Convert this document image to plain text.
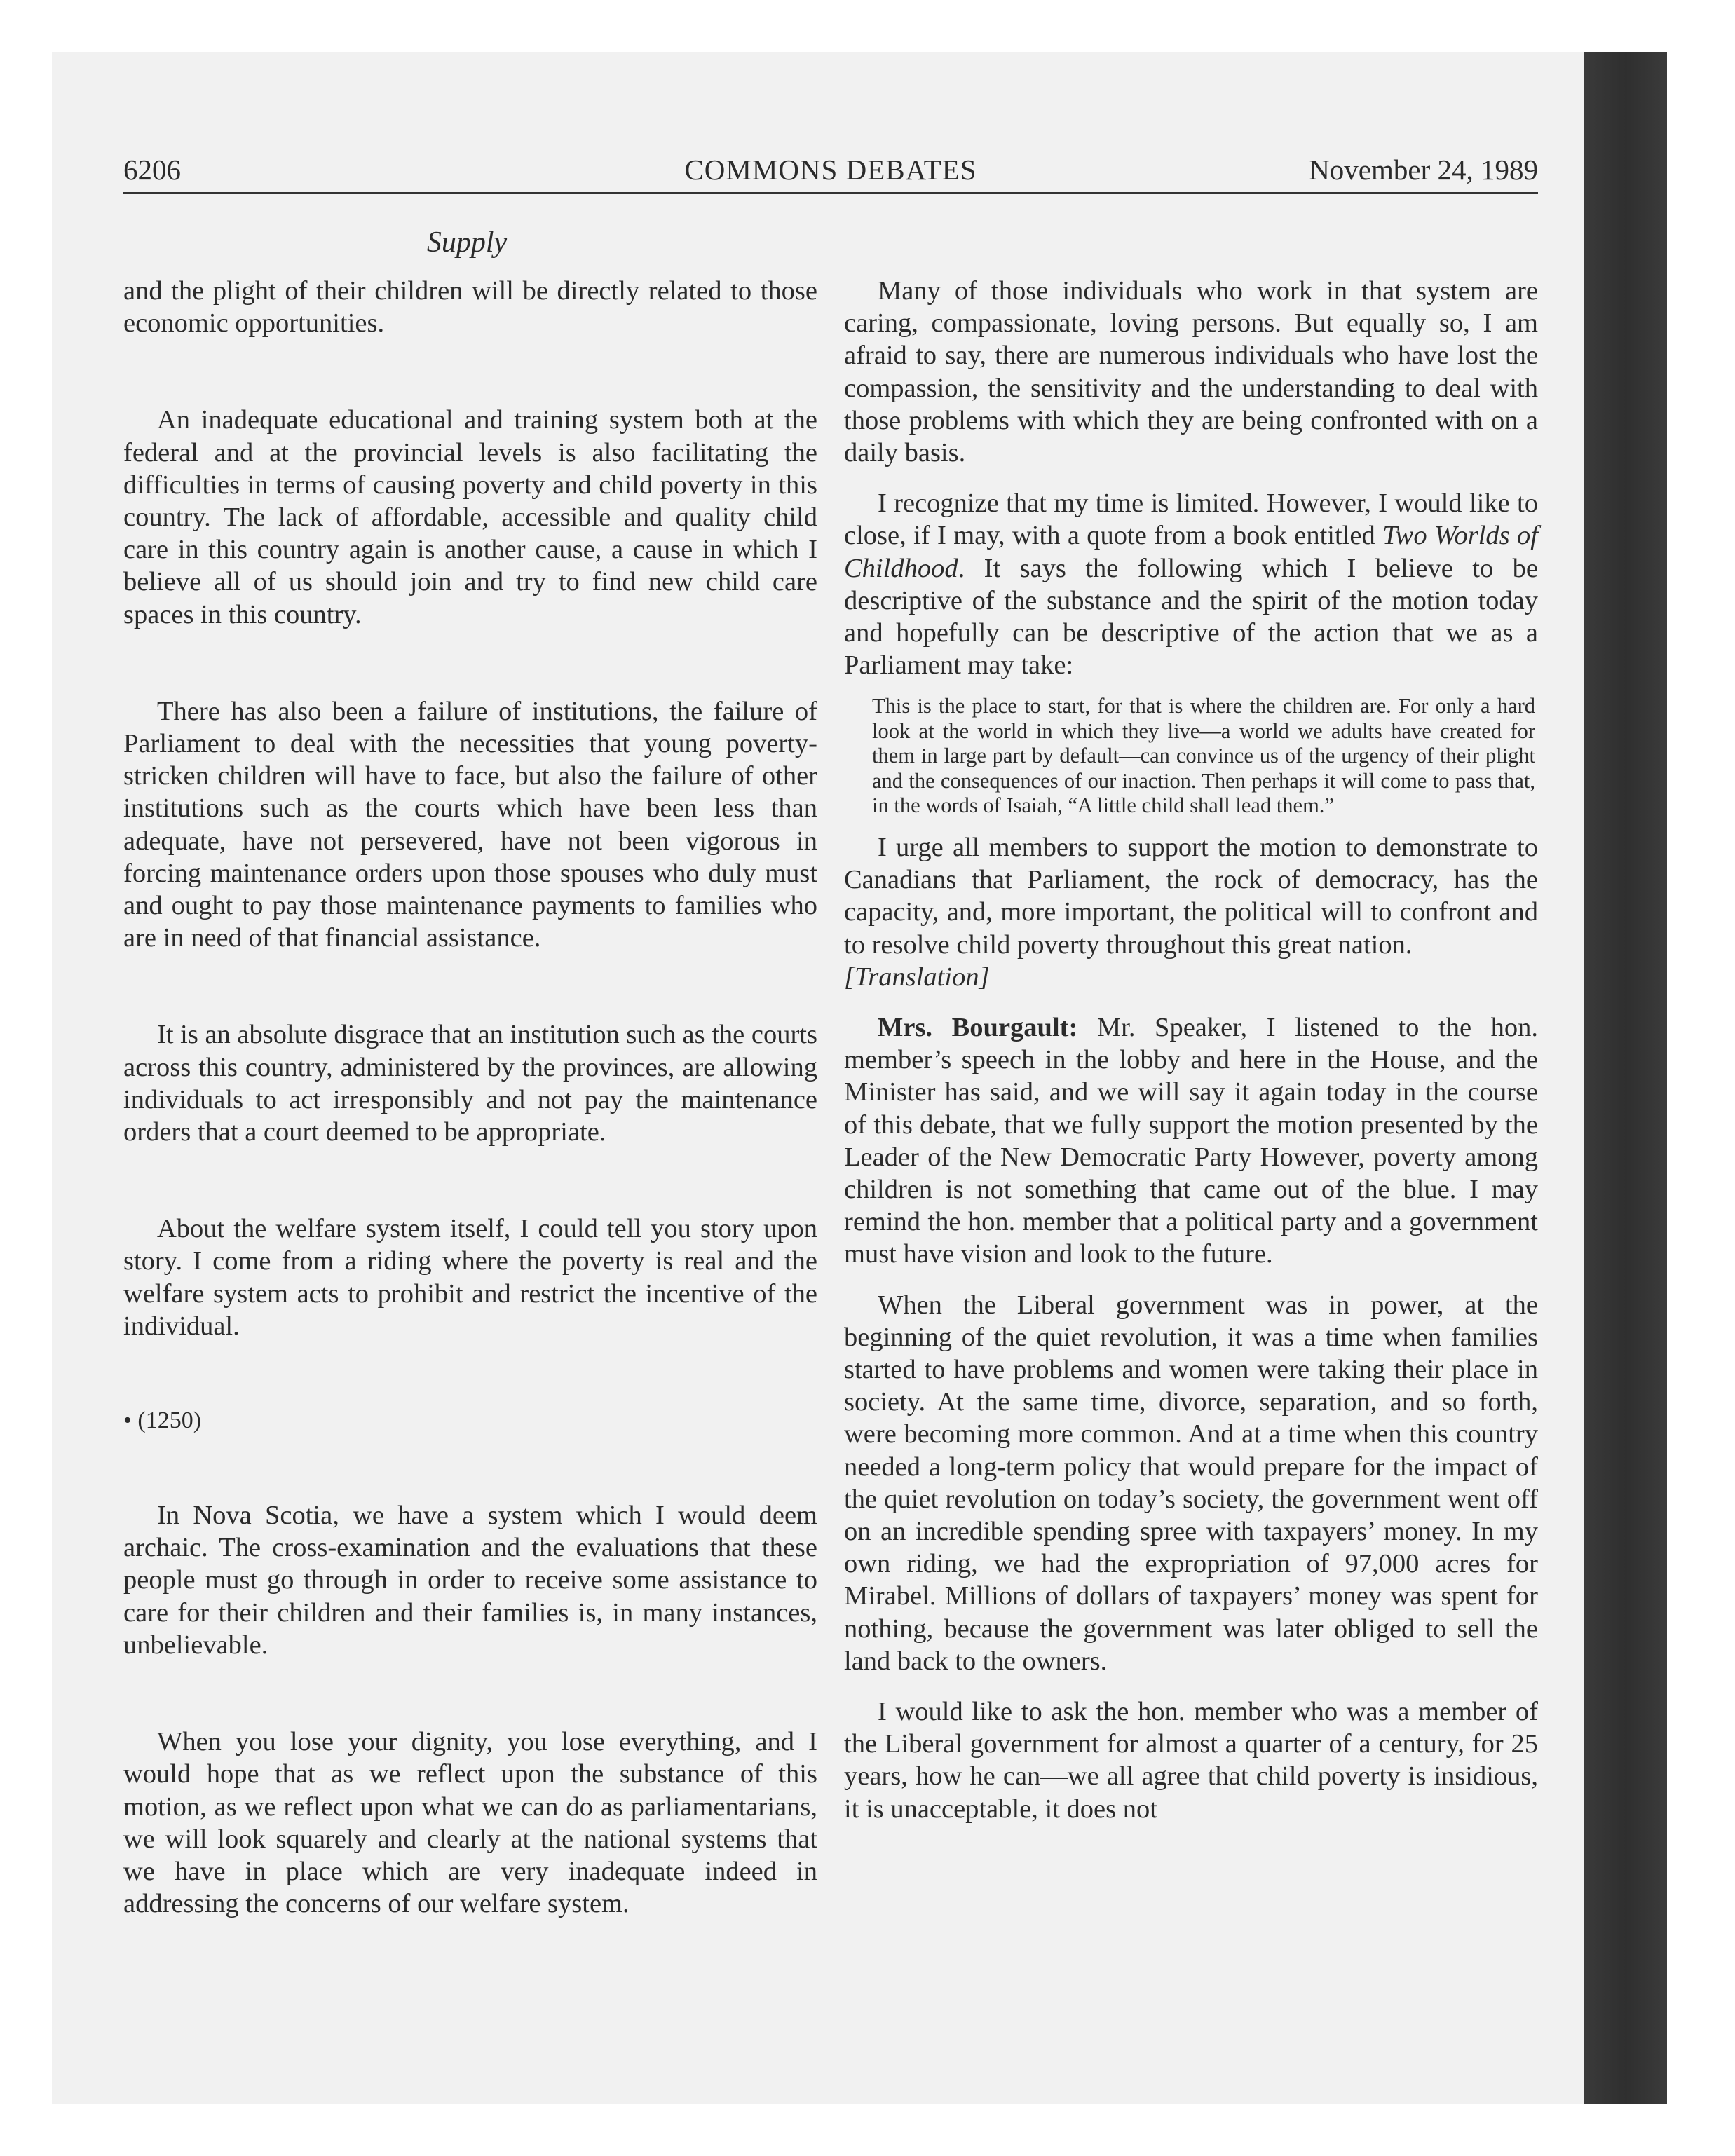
6206	COMMONS DEBATES	November 24, 1989
Supply

and the plight of their children will be directly related to those economic opportunities.

An inadequate educational and training system both at the federal and at the provincial levels is also facilitating the difficulties in terms of causing poverty and child poverty in this country. The lack of affordable, accessible and quality child care in this country again is another cause, a cause in which I believe all of us should join and try to find new child care spaces in this country.

There has also been a failure of institutions, the failure of Parliament to deal with the necessities that young poverty-stricken children will have to face, but also the failure of other institutions such as the courts which have been less than adequate, have not persevered, have not been vigorous in forcing maintenance orders upon those spouses who duly must and ought to pay those maintenance payments to families who are in need of that financial assistance.

It is an absolute disgrace that an institution such as the courts across this country, administered by the provinces, are allowing individuals to act irresponsibly and not pay the maintenance orders that a court deemed to be appropriate.

About the welfare system itself, I could tell you story upon story. I come from a riding where the poverty is real and the welfare system acts to prohibit and restrict the incentive of the individual.

• (1250)

In Nova Scotia, we have a system which I would deem archaic. The cross-examination and the evaluations that these people must go through in order to receive some assistance to care for their children and their families is, in many instances, unbelievable.

When you lose your dignity, you lose everything, and I would hope that as we reflect upon the substance of this motion, as we reflect upon what we can do as parliamentarians, we will look squarely and clearly at the national systems that we have in place which are very inadequate indeed in addressing the concerns of our welfare system.

Many of those individuals who work in that system are caring, compassionate, loving persons. But equally so, I am afraid to say, there are numerous individuals who have lost the compassion, the sensitivity and the understanding to deal with those problems with which they are being confronted with on a daily basis.

I recognize that my time is limited. However, I would like to close, if I may, with a quote from a book entitled Two Worlds of Childhood. It says the following which I believe to be descriptive of the substance and the spirit of the motion today and hopefully can be descriptive of the action that we as a Parliament may take:

This is the place to start, for that is where the children are. For only a hard look at the world in which they live—a world we adults have created for them in large part by default—can convince us of the urgency of their plight and the consequences of our inaction. Then perhaps it will come to pass that, in the words of Isaiah, “A little child shall lead them.”

I urge all members to support the motion to demonstrate to Canadians that Parliament, the rock of democracy, has the capacity, and, more important, the political will to confront and to resolve child poverty throughout this great nation.

[Translation]

Mrs. Bourgault: Mr. Speaker, I listened to the hon. member’s speech in the lobby and here in the House, and the Minister has said, and we will say it again today in the course of this debate, that we fully support the motion presented by the Leader of the New Democratic Party However, poverty among children is not something that came out of the blue. I may remind the hon. member that a political party and a government must have vision and look to the future.

When the Liberal government was in power, at the beginning of the quiet revolution, it was a time when families started to have problems and women were taking their place in society. At the same time, divorce, separation, and so forth, were becoming more common. And at a time when this country needed a long-term policy that would prepare for the impact of the quiet revolution on today’s society, the government went off on an incredible spending spree with taxpayers’ money. In my own riding, we had the expropriation of 97,000 acres for Mirabel. Millions of dollars of taxpayers’ money was spent for nothing, because the government was later obliged to sell the land back to the owners.

I would like to ask the hon. member who was a member of the Liberal government for almost a quarter of a century, for 25 years, how he can—we all agree that child poverty is insidious, it is unacceptable, it does not
